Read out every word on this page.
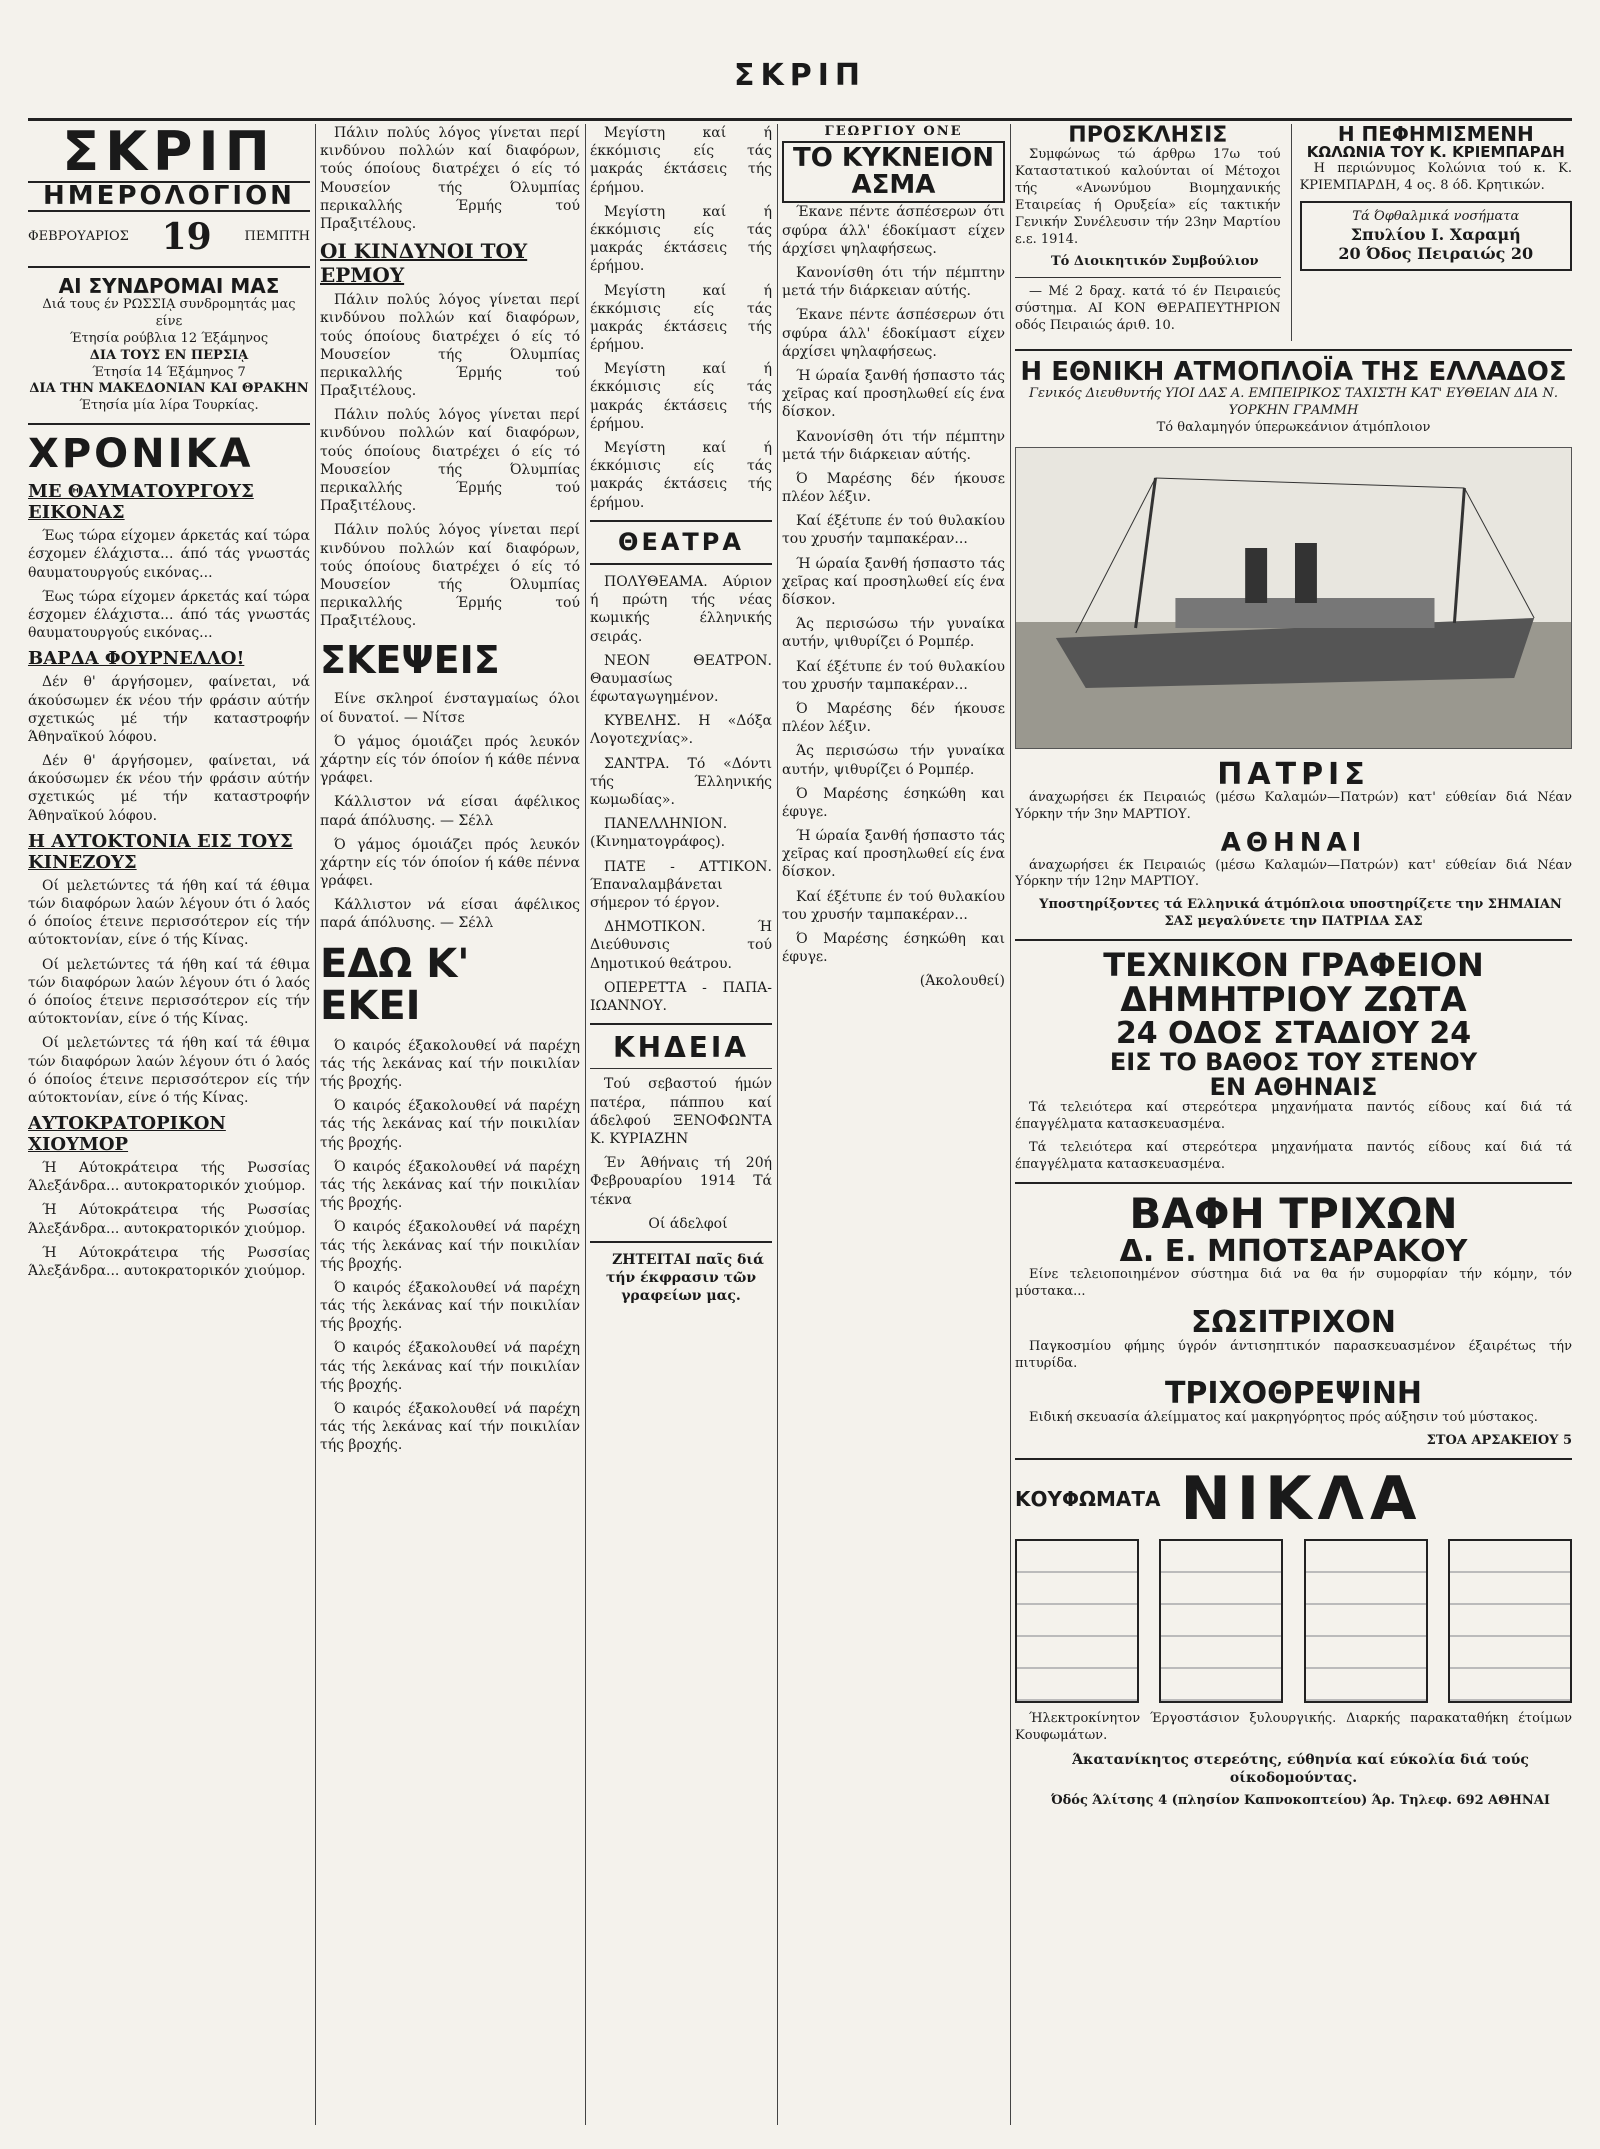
ΣΚΡΙΠ
ΣΚΡΙΠ
ΗΜΕΡΟΛΟΓΙΟΝ
ΦΕΒΡΟΥΑΡΙΟΣ 19	ΠΕΜΠΤΗ
ΑΙ ΣΥΝΔΡΟΜΑΙ ΜΑΣ
Διά τους έν ΡΩΣΣΙᾼ συνδρομητάς μας είνε
Έτησία ρούβλια 12 Έξάμηνος
ΔΙΑ ΤΟΥΣ ΕΝ ΠΕΡΣΙᾼ
Έτησία 14 Έξάμηνος 7
ΔΙΑ ΤΗΝ ΜΑΚΕΔΟΝΙΑΝ ΚΑΙ ΘΡΑΚΗΝ
Έτησία μία λίρα Τουρκίας.
ΧΡΟΝΙΚΑ
ΜΕ ΘΑΥΜΑΤΟΥΡΓΟΥΣ ΕΙΚΟΝΑΣ

Έως τώρα είχομεν άρκετάς καί τώρα έσχομεν έλάχιστα... άπό τάς γνωστάς θαυματουργούς εικόνας...

Έως τώρα είχομεν άρκετάς καί τώρα έσχομεν έλάχιστα... άπό τάς γνωστάς θαυματουργούς εικόνας...

ΒΑΡΔΑ ΦΟΥΡΝΕΛΛΟ!

Δέν θ' άργήσομεν, φαίνεται, νά άκούσωμεν έκ νέου τήν φράσιν αύτήν σχετικώς μέ τήν καταστροφήν Άθηναϊκού λόφου.

Δέν θ' άργήσομεν, φαίνεται, νά άκούσωμεν έκ νέου τήν φράσιν αύτήν σχετικώς μέ τήν καταστροφήν Άθηναϊκού λόφου.

Η ΑΥΤΟΚΤΟΝΙΑ ΕΙΣ ΤΟΥΣ ΚΙΝΕΖΟΥΣ

Οί μελετώντες τά ήθη καί τά έθιμα τών διαφόρων λαών λέγουν ότι ό λαός ό όποίος έτεινε περισσότερον είς τήν αύτοκτονίαν, είνε ό τής Κίνας.

Οί μελετώντες τά ήθη καί τά έθιμα τών διαφόρων λαών λέγουν ότι ό λαός ό όποίος έτεινε περισσότερον είς τήν αύτοκτονίαν, είνε ό τής Κίνας.

Οί μελετώντες τά ήθη καί τά έθιμα τών διαφόρων λαών λέγουν ότι ό λαός ό όποίος έτεινε περισσότερον είς τήν αύτοκτονίαν, είνε ό τής Κίνας.

ΑΥΤΟΚΡΑΤΟΡΙΚΟΝ ΧΙΟΥΜΟΡ

Ή Αύτοκράτειρα τής Ρωσσίας Άλεξάνδρα... αυτοκρατορικόν χιούμορ.

Ή Αύτοκράτειρα τής Ρωσσίας Άλεξάνδρα... αυτοκρατορικόν χιούμορ.

Ή Αύτοκράτειρα τής Ρωσσίας Άλεξάνδρα... αυτοκρατορικόν χιούμορ.

Πάλιν πολύς λόγος γίνεται περί κινδύνου πολλών καί διαφόρων, τούς όποίους διατρέχει ό είς τό Μουσείον τής Όλυμπίας περικαλλής Έρμής τού Πραξιτέλους.

ΟΙ ΚΙΝΔΥΝΟΙ ΤΟΥ ΕΡΜΟΥ

Πάλιν πολύς λόγος γίνεται περί κινδύνου πολλών καί διαφόρων, τούς όποίους διατρέχει ό είς τό Μουσείον τής Όλυμπίας περικαλλής Έρμής τού Πραξιτέλους.

Πάλιν πολύς λόγος γίνεται περί κινδύνου πολλών καί διαφόρων, τούς όποίους διατρέχει ό είς τό Μουσείον τής Όλυμπίας περικαλλής Έρμής τού Πραξιτέλους.

Πάλιν πολύς λόγος γίνεται περί κινδύνου πολλών καί διαφόρων, τούς όποίους διατρέχει ό είς τό Μουσείον τής Όλυμπίας περικαλλής Έρμής τού Πραξιτέλους.

ΣΚΕΨΕΙΣ

Είνε σκληροί ένσταγμαίως όλοι οί δυνατοί. — Νίτσε

Ό γάμος όμοιάζει πρός λευκόν χάρτην είς τόν όποίον ή κάθε πέννα γράφει.

Κάλλιστον νά είσαι άφέλικος παρά άπόλυσης. — Σέλλ

Ό γάμος όμοιάζει πρός λευκόν χάρτην είς τόν όποίον ή κάθε πέννα γράφει.

Κάλλιστον νά είσαι άφέλικος παρά άπόλυσης. — Σέλλ

ΕΔΩ Κ' ΕΚΕΙ

Ό καιρός έξακολουθεί νά παρέχη τάς τής λεκάνας καί τήν ποικιλίαν τής βροχής.

Ό καιρός έξακολουθεί νά παρέχη τάς τής λεκάνας καί τήν ποικιλίαν τής βροχής.

Ό καιρός έξακολουθεί νά παρέχη τάς τής λεκάνας καί τήν ποικιλίαν τής βροχής.

Ό καιρός έξακολουθεί νά παρέχη τάς τής λεκάνας καί τήν ποικιλίαν τής βροχής.

Ό καιρός έξακολουθεί νά παρέχη τάς τής λεκάνας καί τήν ποικιλίαν τής βροχής.

Ό καιρός έξακολουθεί νά παρέχη τάς τής λεκάνας καί τήν ποικιλίαν τής βροχής.

Ό καιρός έξακολουθεί νά παρέχη τάς τής λεκάνας καί τήν ποικιλίαν τής βροχής.

Μεγίστη καί ή έκκόμισις είς τάς μακράς έκτάσεις τής έρήμου.

Μεγίστη καί ή έκκόμισις είς τάς μακράς έκτάσεις τής έρήμου.

Μεγίστη καί ή έκκόμισις είς τάς μακράς έκτάσεις τής έρήμου.

Μεγίστη καί ή έκκόμισις είς τάς μακράς έκτάσεις τής έρήμου.

Μεγίστη καί ή έκκόμισις είς τάς μακράς έκτάσεις τής έρήμου.

ΘΕΑΤΡΑ

ΠΟΛΥΘΕΑΜΑ. Αύριον ή πρώτη τής νέας κωμικής έλληνικής σειράς.

ΝΕΟΝ ΘΕΑΤΡΟΝ. Θαυμασίως έφωταγωγημένον.

ΚΥΒΕΛΗΣ. Η «Δόξα Λογοτεχνίας».

ΣΑΝΤΡΑ. Τό «Δόντι τής Έλληνικής κωμωδίας».

ΠΑΝΕΛΛΗΝΙΟΝ. (Κινηματογράφος).

ΠΑΤΕ - ΑΤΤΙΚΟΝ. Έπαναλαμβάνεται σήμερον τό έργον.

ΔΗΜΟΤΙΚΟΝ. Ή Διεύθυνσις τού Δημοτικού θεάτρου.

ΟΠΕΡΕΤΤΑ - ΠΑΠΑ-ΙΩΑΝΝΟΥ.

ΚΗΔΕΙΑ

Τού σεβαστού ήμών πατέρα, πάππου καί άδελφού ΞΕΝΟΦΩΝΤΑ Κ. ΚΥΡΙΑΖΗΝ

Έν Άθήναις τή 20ή Φεβρουαρίου 1914 Τά τέκνα

Οί άδελφοί

ΖΗΤΕΙΤΑΙ παῖς διά τήν έκφρασιν τῶν γραφείων μας.

ΓΕΩΡΓΙΟΥ ΟΝΕ
ΤΟ ΚΥΚΝΕΙΟΝ ΑΣΜΑ

Έκανε πέντε άσπέσερων ότι σφύρα άλλ' έδοκίμαστ είχεν άρχίσει ψηλαφήσεως.

Κανονίσθη ότι τήν πέμπτην μετά τήν διάρκειαν αύτής.

Έκανε πέντε άσπέσερων ότι σφύρα άλλ' έδοκίμαστ είχεν άρχίσει ψηλαφήσεως.

Ή ώραία ξανθή ήσπαστο τάς χεῖρας καί προσηλωθεί είς ένα δίσκον.

Κανονίσθη ότι τήν πέμπτην μετά τήν διάρκειαν αύτής.

Ό Μαρέσης δέν ήκουσε πλέον λέξιν.

Καί έξέτυπε έν τού θυλακίου του χρυσήν ταμπακέραν...

Ή ώραία ξανθή ήσπαστο τάς χεῖρας καί προσηλωθεί είς ένα δίσκον.

Άς περισώσω τήν γυναίκα αυτήν, ψιθυρίζει ό Ρομπέρ.

Καί έξέτυπε έν τού θυλακίου του χρυσήν ταμπακέραν...

Ό Μαρέσης δέν ήκουσε πλέον λέξιν.

Άς περισώσω τήν γυναίκα αυτήν, ψιθυρίζει ό Ρομπέρ.

Ό Μαρέσης έσηκώθη και έφυγε.

Ή ώραία ξανθή ήσπαστο τάς χεῖρας καί προσηλωθεί είς ένα δίσκον.

Καί έξέτυπε έν τού θυλακίου του χρυσήν ταμπακέραν...

Ό Μαρέσης έσηκώθη και έφυγε.

(Άκολουθεί)

ΠΡΟΣΚΛΗΣΙΣ

Συμφώνως τώ άρθρω 17ω τού Καταστατικού καλούνται οί Μέτοχοι τής «Ανωνύμου Βιομηχανικής Εταιρείας ή Ορυξεία» είς τακτικήν Γενικήν Συνέλευσιν τήν 23ην Μαρτίου ε.ε. 1914.

Τό Διοικητικόν Συμβούλιον

— Μέ 2 δραχ. κατά τό έν Πειραιεύς σύστημα. ΑΙ ΚΟΝ ΘΕΡΑΠΕΥΤΗΡΙΟΝ οδός Πειραιώς άριθ. 10.

Η ΠΕΦΗΜΙΣΜΕΝΗ
ΚΩΛΩΝΙΑ ΤΟΥ Κ. ΚΡΙΕΜΠΑΡΔΗ

Η περιώνυμος Κολώνια τού κ. Κ. ΚΡΙΕΜΠΑΡΔΗ, 4 ος. 8 όδ. Κρητικών.

Τά Όφθαλμικά νοσήματα
Σπυλίου Ι. Χαραμή
20 Όδος Πειραιώς 20
Η ΕΘΝΙΚΗ ΑΤΜΟΠΛΟΪΑ ΤΗΣ ΕΛΛΑΔΟΣ
Γενικός Διευθυντής ΥΙΟΙ ΔΑΣ Α. ΕΜΠΕΙΡΙΚΟΣ ΤΑΧΙΣΤΗ ΚΑΤ' ΕΥΘΕΙΑΝ ΔΙΑ Ν. ΥΟΡΚΗΝ ΓΡΑΜΜΗ
Τό θαλαμηγόν ύπερωκεάνιον άτμόπλοιον
ΠΑΤΡΙΣ

άναχωρήσει έκ Πειραιώς (μέσω Καλαμών—Πατρών) κατ' εύθείαν διά Νέαν Υόρκην τήν 3ην ΜΑΡΤΙΟΥ.

ΑΘΗΝΑΙ

άναχωρήσει έκ Πειραιώς (μέσω Καλαμών—Πατρών) κατ' εύθείαν διά Νέαν Υόρκην τήν 12ην ΜΑΡΤΙΟΥ.

Υποστηρίξοντες τά Ελληνικά άτμόπλοια υποστηρίζετε την ΣΗΜΑΙΑΝ ΣΑΣ μεγαλύνετε την ΠΑΤΡΙΔΑ ΣΑΣ

ΤΕΧΝΙΚΟΝ ΓΡΑΦΕΙΟΝ
ΔΗΜΗΤΡΙΟΥ ΖΩΤΑ
24 ΟΔΟΣ ΣΤΑΔΙΟΥ 24
ΕΙΣ ΤΟ ΒΑΘΟΣ ΤΟΥ ΣΤΕΝΟΥ
ΕΝ ΑΘΗΝΑΙΣ

Τά τελειότερα καί στερεότερα μηχανήματα παντός είδους καί διά τά έπαγγέλματα κατασκευασμένα.

Τά τελειότερα καί στερεότερα μηχανήματα παντός είδους καί διά τά έπαγγέλματα κατασκευασμένα.

ΒΑΦΗ ΤΡΙΧΩΝ
Δ. Ε. ΜΠΟΤΣΑΡΑΚΟΥ

Είνε τελειοποιημένον σύστημα διά να θα ήν συμορφίαν τήν κόμην, τόν μύστακα...

ΣΩΣΙΤΡΙΧΟΝ

Παγκοσμίου φήμης ύγρόν άντισηπτικόν παρασκευασμένον έξαιρέτως τήν πιτυρίδα.

ΤΡΙΧΟΘΡΕΨΙΝΗ

Ειδική σκευασία άλείμματος καί μακρηγόρητος πρός αύξησιν τού μύστακος.

ΣΤΟΑ ΑΡΣΑΚΕΙΟΥ 5
ΚΟΥΦΩΜΑΤΑ ΝΙΚΛΑ

Ήλεκτροκίνητον Έργοστάσιον ξυλουργικής. Διαρκής παρακαταθήκη έτοίμων Κουφωμάτων.

Άκατανίκητος στερεότης, εύθηνία καί εύκολία διά τούς οίκοδομούντας.

Όδός Άλίτσης 4 (πλησίον Καπνοκοπτείου) Άρ. Τηλεφ. 692 ΑΘΗΝΑΙ
